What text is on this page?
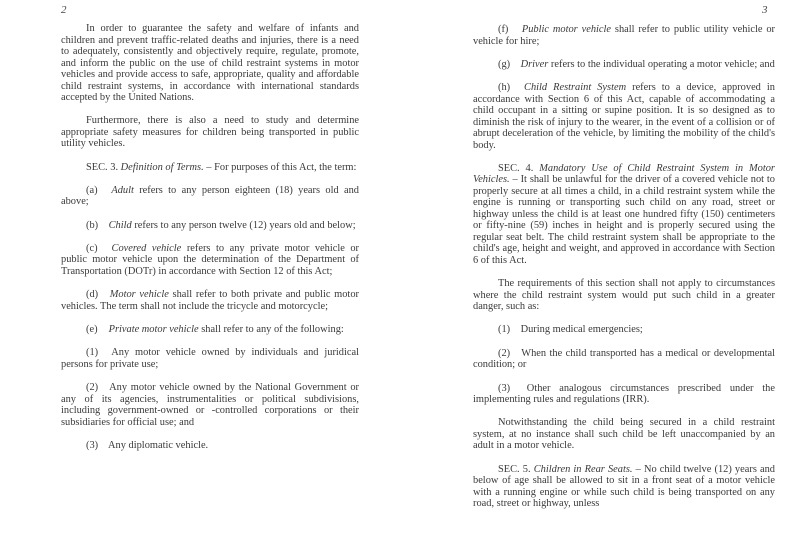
2

In order to guarantee the safety and welfare of infants and children and prevent traffic-related deaths and injuries, there is a need to adequately, consistently and objectively require, regulate, promote, and inform the public on the use of child restraint systems in motor vehicles and provide access to safe, appropriate, quality and affordable child restraint systems, in accordance with international standards accepted by the United Nations.

Furthermore, there is also a need to study and determine appropriate safety measures for children being transported in public utility vehicles.

SEC. 3. Definition of Terms. – For purposes of this Act, the term:

(a) Adult refers to any person eighteen (18) years old and above;

(b) Child refers to any person twelve (12) years old and below;

(c) Covered vehicle refers to any private motor vehicle or public motor vehicle upon the determination of the Department of Transportation (DOTr) in accordance with Section 12 of this Act;

(d) Motor vehicle shall refer to both private and public motor vehicles. The term shall not include the tricycle and motorcycle;

(e) Private motor vehicle shall refer to any of the following:

(1) Any motor vehicle owned by individuals and juridical persons for private use;

(2) Any motor vehicle owned by the National Government or any of its agencies, instrumentalities or political subdivisions, including government-owned or -controlled corporations or their subsidiaries for official use; and

(3) Any diplomatic vehicle.

3

(f) Public motor vehicle shall refer to public utility vehicle or vehicle for hire;

(g) Driver refers to the individual operating a motor vehicle; and

(h) Child Restraint System refers to a device, approved in accordance with Section 6 of this Act, capable of accommodating a child occupant in a sitting or supine position. It is so designed as to diminish the risk of injury to the wearer, in the event of a collision or of abrupt deceleration of the vehicle, by limiting the mobility of the child's body.

SEC. 4. Mandatory Use of Child Restraint System in Motor Vehicles. – It shall be unlawful for the driver of a covered vehicle not to properly secure at all times a child, in a child restraint system while the engine is running or transporting such child on any road, street or highway unless the child is at least one hundred fifty (150) centimeters or fifty-nine (59) inches in height and is properly secured using the regular seat belt. The child restraint system shall be appropriate to the child's age, height and weight, and approved in accordance with Section 6 of this Act.

The requirements of this section shall not apply to circumstances where the child restraint system would put such child in a greater danger, such as:

(1) During medical emergencies;

(2) When the child transported has a medical or developmental condition; or

(3) Other analogous circumstances prescribed under the implementing rules and regulations (IRR).

Notwithstanding the child being secured in a child restraint system, at no instance shall such child be left unaccompanied by an adult in a motor vehicle.

SEC. 5. Children in Rear Seats. – No child twelve (12) years and below of age shall be allowed to sit in a front seat of a motor vehicle with a running engine or while such child is being transported on any road, street or highway, unless
